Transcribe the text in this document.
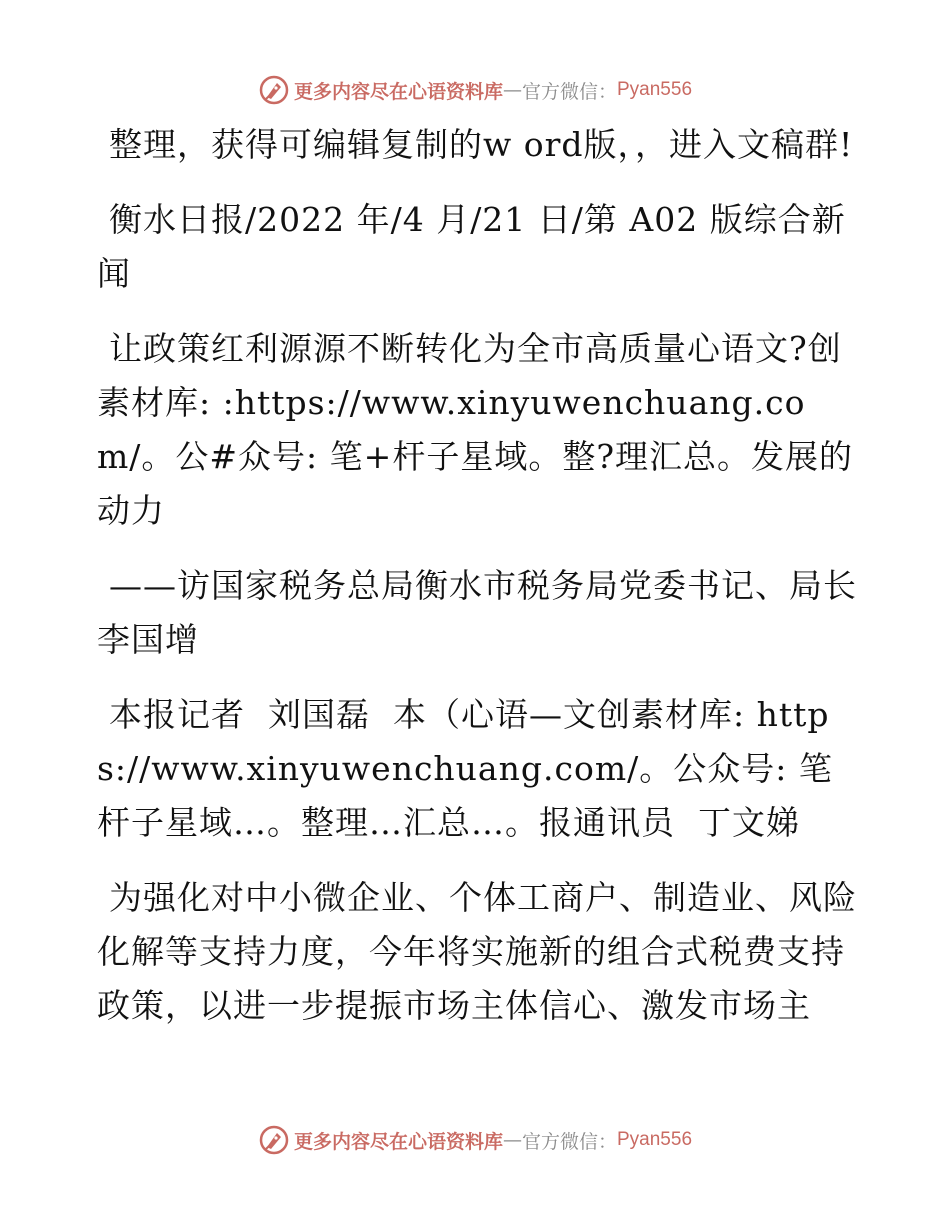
更多内容尽在心语资料库 — 官方微信： Pyan556

整理，获得可编辑复制的w ord版，，进入文稿群!

衡水日报/2022 年/4 月/21 日/第 A02 版综合新闻

让政策红利源源不断转化为全市高质量心语文?创素材库: :https://www.xinyuwenchuang.com/。公#众号: 笔+杆子星域。整?理汇总。发展的动力

——访国家税务总局衡水市税务局党委书记、局长李国增

本报记者  刘国磊  本（心语—文创素材库: https://www.xinyuwenchuang.com/。公众号: 笔杆子星域…。整理…汇总…。报通讯员  丁文娣

为强化对中小微企业、个体工商户、制造业、风险化解等支持力度，今年将实施新的组合式税费支持政策，以进一步提振市场主体信心、激发市场主

更多内容尽在心语资料库 — 官方微信： Pyan556
